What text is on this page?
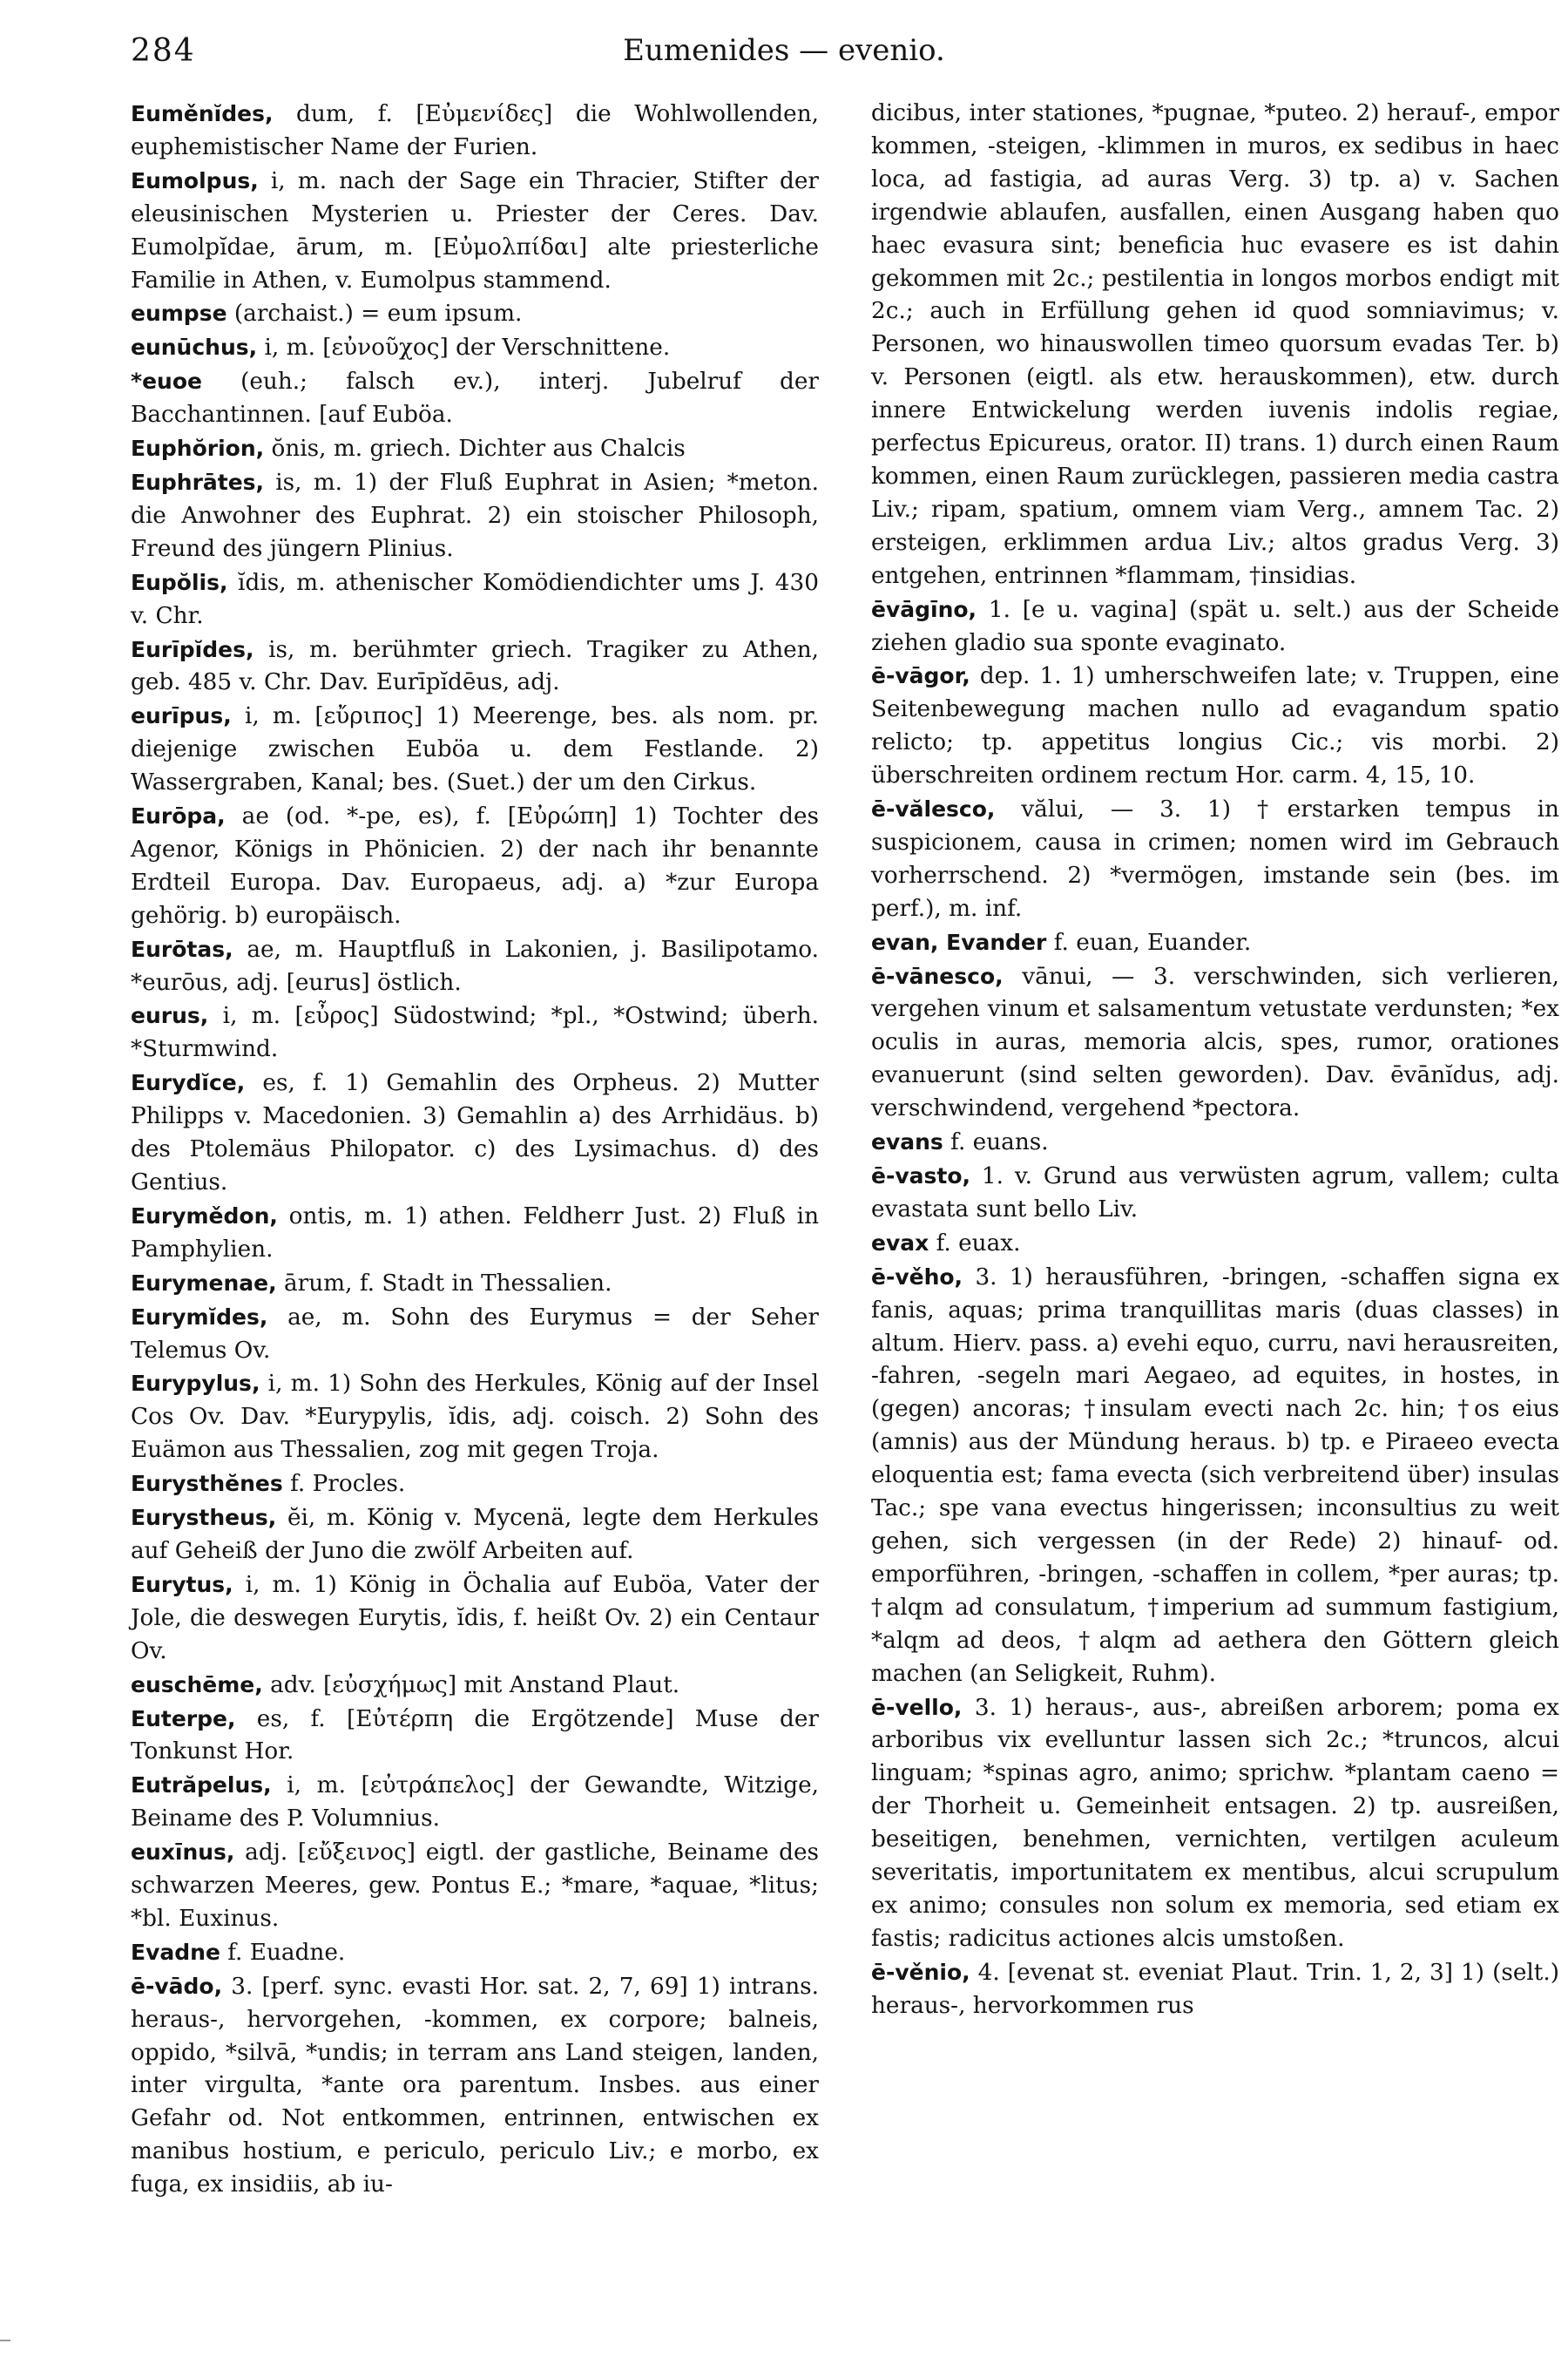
284	Eumenides — evenio.

Euměnĭdes, dum, f. [Εὐμενίδες] die Wohlwollenden, euphemistischer Name der Furien.

Eumolpus, i, m. nach der Sage ein Thracier, Stifter der eleusinischen Mysterien u. Priester der Ceres. Dav. Eumolpĭdae, ārum, m. [Εὐμολπίδαι] alte priesterliche Familie in Athen, v. Eumolpus stammend.

eumpse (archaist.) = eum ipsum.

eunūchus, i, m. [εὐνοῦχος] der Verschnittene.

*euoe (euh.; falsch ev.), interj. Jubelruf der Bacchantinnen. [auf Euböa.

Euphŏrion, ŏnis, m. griech. Dichter aus Chalcis

Euphrātes, is, m. 1) der Fluß Euphrat in Asien; *meton. die Anwohner des Euphrat. 2) ein stoischer Philosoph, Freund des jüngern Plinius.

Eupŏlis, ĭdis, m. athenischer Komödiendichter ums J. 430 v. Chr.

Eurīpĭdes, is, m. berühmter griech. Tragiker zu Athen, geb. 485 v. Chr. Dav. Eurīpĭdēus, adj.

eurīpus, i, m. [εὔριπος] 1) Meerenge, bes. als nom. pr. diejenige zwischen Euböa u. dem Festlande. 2) Wassergraben, Kanal; bes. (Suet.) der um den Cirkus.

Eurōpa, ae (od. *-pe, es), f. [Εὐρώπη] 1) Tochter des Agenor, Königs in Phönicien. 2) der nach ihr benannte Erdteil Europa. Dav. Europaeus, adj. a) *zur Europa gehörig. b) europäisch.

Eurōtas, ae, m. Hauptfluß in Lakonien, j. Basilipotamo. *eurōus, adj. [eurus] östlich.

eurus, i, m. [εὖρος] Südostwind; *pl., *Ostwind; überh. *Sturmwind.

Eurydĭce, es, f. 1) Gemahlin des Orpheus. 2) Mutter Philipps v. Macedonien. 3) Gemahlin a) des Arrhidäus. b) des Ptolemäus Philopator. c) des Lysimachus. d) des Gentius.

Eurymědon, ontis, m. 1) athen. Feldherr Just. 2) Fluß in Pamphylien.

Eurymenae, ārum, f. Stadt in Thessalien.

Eurymĭdes, ae, m. Sohn des Eurymus = der Seher Telemus Ov.

Eurypylus, i, m. 1) Sohn des Herkules, König auf der Insel Cos Ov. Dav. *Eurypylis, ĭdis, adj. coisch. 2) Sohn des Euämon aus Thessalien, zog mit gegen Troja.

Eurysthĕnes f. Procles.

Eurystheus, ĕi, m. König v. Mycenä, legte dem Herkules auf Geheiß der Juno die zwölf Arbeiten auf.

Eurytus, i, m. 1) König in Öchalia auf Euböa, Vater der Jole, die deswegen Eurytis, ĭdis, f. heißt Ov. 2) ein Centaur Ov.

euschēme, adv. [εὐσχήμως] mit Anstand Plaut.

Euterpe, es, f. [Εὐτέρπη die Ergötzende] Muse der Tonkunst Hor.

Eutrăpelus, i, m. [εὐτράπελος] der Gewandte, Witzige, Beiname des P. Volumnius.

euxīnus, adj. [εὔξεινος] eigtl. der gastliche, Beiname des schwarzen Meeres, gew. Pontus E.; *mare, *aquae, *litus; *bl. Euxinus.

Evadne f. Euadne.

ē-vādo, 3. [perf. sync. evasti Hor. sat. 2, 7, 69] 1) intrans. heraus-, hervorgehen, -kommen, ex corpore; balneis, oppido, *silvā, *undis; in terram ans Land steigen, landen, inter virgulta, *ante ora parentum. Insbes. aus einer Gefahr od. Not entkommen, entrinnen, entwischen ex manibus hostium, e periculo, periculo Liv.; e morbo, ex fuga, ex insidiis, ab iu-

dicibus, inter stationes, *pugnae, *puteo. 2) herauf-, empor kommen, -steigen, -klimmen in muros, ex sedibus in haec loca, ad fastigia, ad auras Verg. 3) tp. a) v. Sachen irgendwie ablaufen, ausfallen, einen Ausgang haben quo haec evasura sint; beneficia huc evasere es ist dahin gekommen mit 2c.; pestilentia in longos morbos endigt mit 2c.; auch in Erfüllung gehen id quod somniavimus; v. Personen, wo hinauswollen timeo quorsum evadas Ter. b) v. Personen (eigtl. als etw. herauskommen), etw. durch innere Entwickelung werden iuvenis indolis regiae, perfectus Epicureus, orator. II) trans. 1) durch einen Raum kommen, einen Raum zurücklegen, passieren media castra Liv.; ripam, spatium, omnem viam Verg., amnem Tac. 2) ersteigen, erklimmen ardua Liv.; altos gradus Verg. 3) entgehen, entrinnen *flammam, †insidias.

ēvāgīno, 1. [e u. vagina] (spät u. selt.) aus der Scheide ziehen gladio sua sponte evaginato.

ē-vāgor, dep. 1. 1) umherschweifen late; v. Truppen, eine Seitenbewegung machen nullo ad evagandum spatio relicto; tp. appetitus longius Cic.; vis morbi. 2) überschreiten ordinem rectum Hor. carm. 4, 15, 10.

ē-vălesco, vălui, — 3. 1) †erstarken tempus in suspicionem, causa in crimen; nomen wird im Gebrauch vorherrschend. 2) *vermögen, imstande sein (bes. im perf.), m. inf.

evan, Evander f. euan, Euander.

ē-vānesco, vānui, — 3. verschwinden, sich verlieren, vergehen vinum et salsamentum vetustate verdunsten; *ex oculis in auras, memoria alcis, spes, rumor, orationes evanuerunt (sind selten geworden). Dav. ēvānĭdus, adj. verschwindend, vergehend *pectora.

evans f. euans.

ē-vasto, 1. v. Grund aus verwüsten agrum, vallem; culta evastata sunt bello Liv.

evax f. euax.

ē-věho, 3. 1) herausführen, -bringen, -schaffen signa ex fanis, aquas; prima tranquillitas maris (duas classes) in altum. Hierv. pass. a) evehi equo, curru, navi herausreiten, -fahren, -segeln mari Aegaeo, ad equites, in hostes, in (gegen) ancoras; †insulam evecti nach 2c. hin; †os eius (amnis) aus der Mündung heraus. b) tp. e Piraeeo evecta eloquentia est; fama evecta (sich verbreitend über) insulas Tac.; spe vana evectus hingerissen; inconsultius zu weit gehen, sich vergessen (in der Rede) 2) hinauf- od. emporführen, -bringen, -schaffen in collem, *per auras; tp. †alqm ad consulatum, †imperium ad summum fastigium, *alqm ad deos, †alqm ad aethera den Göttern gleich machen (an Seligkeit, Ruhm).

ē-vello, 3. 1) heraus-, aus-, abreißen arborem; poma ex arboribus vix evelluntur lassen sich 2c.; *truncos, alcui linguam; *spinas agro, animo; sprichw. *plantam caeno = der Thorheit u. Gemeinheit entsagen. 2) tp. ausreißen, beseitigen, benehmen, vernichten, vertilgen aculeum severitatis, importunitatem ex mentibus, alcui scrupulum ex animo; consules non solum ex memoria, sed etiam ex fastis; radicitus actiones alcis umstoßen.

ē-věnio, 4. [evenat st. eveniat Plaut. Trin. 1, 2, 3] 1) (selt.) heraus-, hervorkommen rus
